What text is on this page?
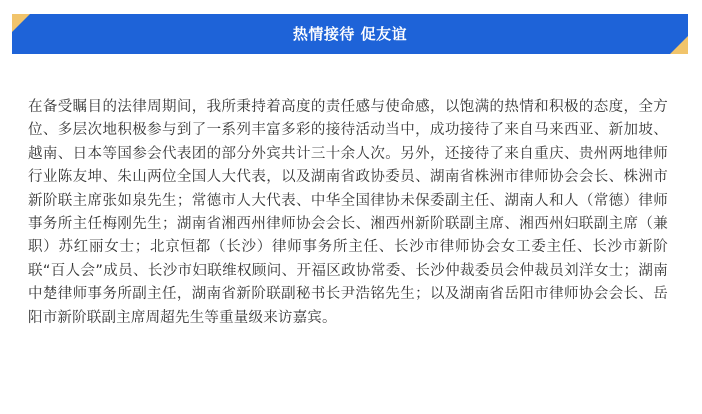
热情接待 促友谊

在备受瞩目的法律周期间，我所秉持着高度的责任感与使命感，以饱满的热情和积极的态度，全方位、多层次地积极参与到了一系列丰富多彩的接待活动当中，成功接待了来自马来西亚、新加坡、越南、日本等国参会代表团的部分外宾共计三十余人次。另外，还接待了来自重庆、贵州两地律师行业陈友坤、朱山两位全国人大代表，以及湖南省政协委员、湖南省株洲市律师协会会长、株洲市新阶联主席张如泉先生；常德市人大代表、中华全国律协未保委副主任、湖南人和人（常德）律师事务所主任梅刚先生；湖南省湘西州律师协会会长、湘西州新阶联副主席、湘西州妇联副主席（兼职）苏红丽女士；北京恒都（长沙）律师事务所主任、长沙市律师协会女工委主任、长沙市新阶联“百人会”成员、长沙市妇联维权顾问、开福区政协常委、长沙仲裁委员会仲裁员刘洋女士；湖南中楚律师事务所副主任，湖南省新阶联副秘书长尹浩铭先生；以及湖南省岳阳市律师协会会长、岳阳市新阶联副主席周超先生等重量级来访嘉宾。
